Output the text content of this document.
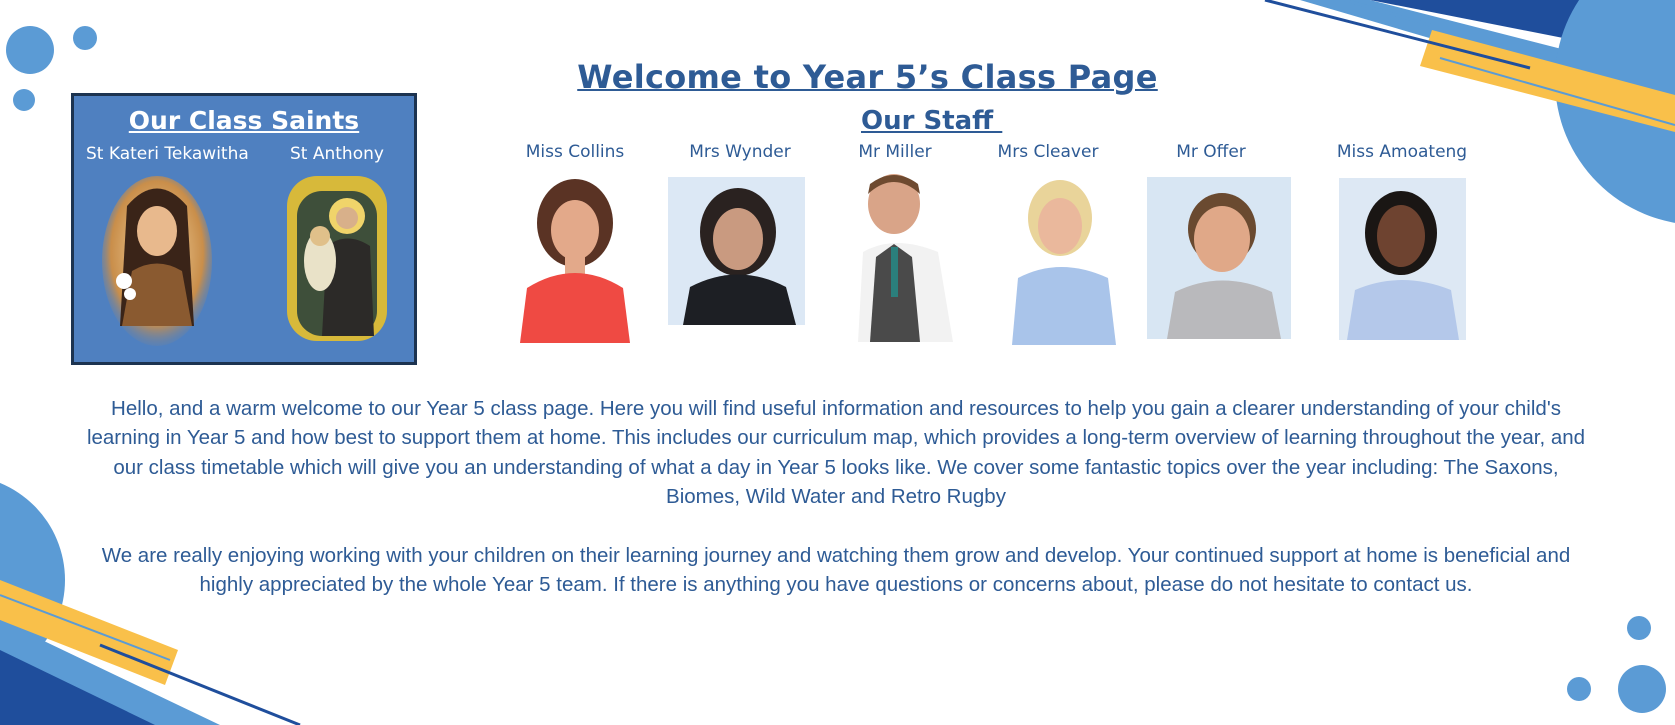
Welcome to Year 5’s Class Page
Our Class Saints
St Kateri Tekawitha St Anthony
Our Staff
Miss Collins	Mrs Wynder	Mr Miller	Mrs Cleaver	Mr Offer	Miss Amoateng

Hello, and a warm welcome to our Year 5 class page. Here you will find useful information and resources to help you gain a clearer understanding of your child's learning in Year 5 and how best to support them at home. This includes our curriculum map, which provides a long-term overview of learning throughout the year, and our class timetable which will give you an understanding of what a day in Year 5 looks like. We cover some fantastic topics over the year including: The Saxons, Biomes, Wild Water and Retro Rugby

We are really enjoying working with your children on their learning journey and watching them grow and develop. Your continued support at home is beneficial and highly appreciated by the whole Year 5 team. If there is anything you have questions or concerns about, please do not hesitate to contact us.
